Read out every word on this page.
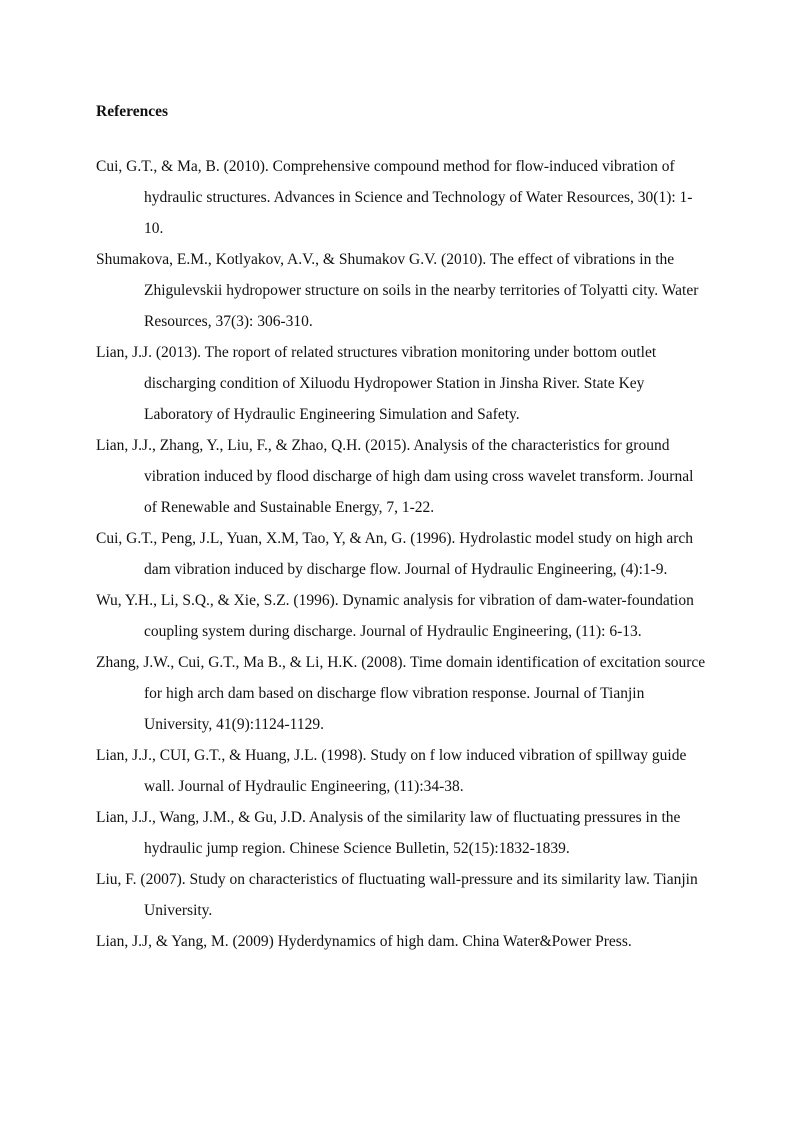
References
Cui, G.T., & Ma, B. (2010). Comprehensive compound method for flow-induced vibration of hydraulic structures. Advances in Science and Technology of Water Resources, 30(1): 1-10.
Shumakova, E.M., Kotlyakov, A.V., & Shumakov G.V. (2010). The effect of vibrations in the Zhigulevskii hydropower structure on soils in the nearby territories of Tolyatti city. Water Resources, 37(3): 306-310.
Lian, J.J. (2013). The roport of related structures vibration monitoring under bottom outlet discharging condition of Xiluodu Hydropower Station in Jinsha River. State Key Laboratory of Hydraulic Engineering Simulation and Safety.
Lian, J.J., Zhang, Y., Liu, F., & Zhao, Q.H. (2015). Analysis of the characteristics for ground vibration induced by flood discharge of high dam using cross wavelet transform. Journal of Renewable and Sustainable Energy, 7, 1-22.
Cui, G.T., Peng, J.L, Yuan, X.M, Tao, Y, & An, G. (1996). Hydrolastic model study on high arch dam vibration induced by discharge flow. Journal of Hydraulic Engineering, (4):1-9.
Wu, Y.H., Li, S.Q., & Xie, S.Z. (1996). Dynamic analysis for vibration of dam-water-foundation coupling system during discharge. Journal of Hydraulic Engineering, (11): 6-13.
Zhang, J.W., Cui, G.T., Ma B., & Li, H.K. (2008). Time domain identification of excitation source for high arch dam based on discharge flow vibration response. Journal of Tianjin University, 41(9):1124-1129.
Lian, J.J., CUI, G.T., & Huang, J.L. (1998). Study on f low induced vibration of spillway guide wall. Journal of Hydraulic Engineering, (11):34-38.
Lian, J.J., Wang, J.M., & Gu, J.D. Analysis of the similarity law of fluctuating pressures in the hydraulic jump region. Chinese Science Bulletin, 52(15):1832-1839.
Liu, F. (2007). Study on characteristics of fluctuating wall-pressure and its similarity law. Tianjin University.
Lian, J.J, & Yang, M. (2009) Hyderdynamics of high dam. China Water&Power Press.
